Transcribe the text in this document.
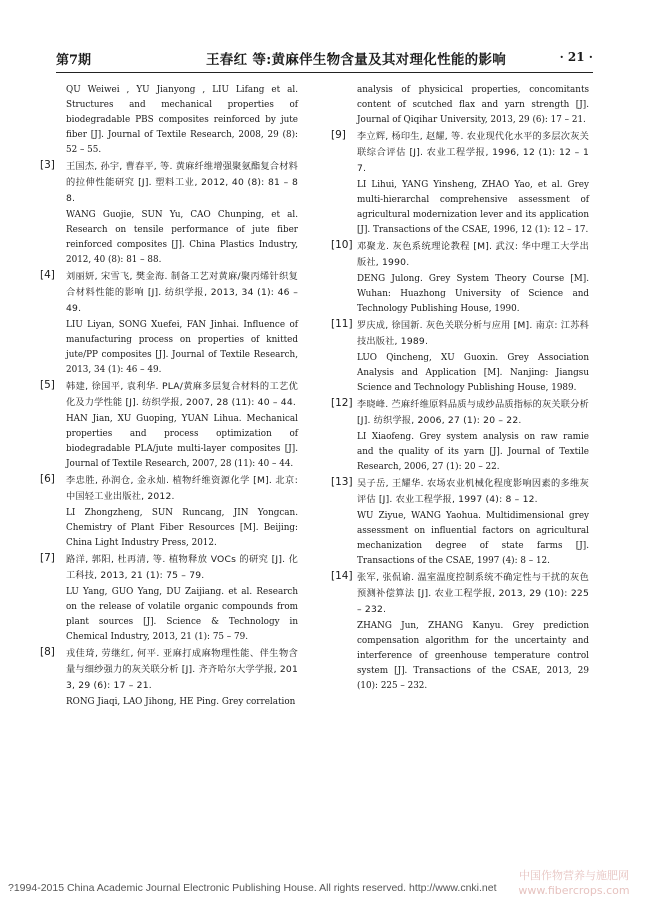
第7期	王春红 等:黄麻伴生物含量及其对理化性能的影响	· 21 ·

QU Weiwei , YU Jianyong , LIU Lifang et al. Structures and mechanical properties of biodegradable PBS composites reinforced by jute fiber [J]. Journal of Textile Research, 2008, 29 (8): 52 – 55.

[3] 王国杰, 孙宇, 曹春平, 等. 黄麻纤维增强聚氨酯复合材料的拉伸性能研究 [J]. 塑料工业, 2012, 40 (8): 81 – 88.

WANG Guojie, SUN Yu, CAO Chunping, et al. Research on tensile performance of jute fiber reinforced composites [J]. China Plastics Industry, 2012, 40 (8): 81 – 88.

[4] 刘丽妍, 宋雪飞, 樊金海. 制备工艺对黄麻/聚丙烯针织复合材料性能的影响 [J]. 纺织学报, 2013, 34 (1): 46 – 49.

LIU Liyan, SONG Xuefei, FAN Jinhai. Influence of manufacturing process on properties of knitted jute/PP composites [J]. Journal of Textile Research, 2013, 34 (1): 46 – 49.

[5] 韩建, 徐国平, 袁利华. PLA/黄麻多层复合材料的工艺优化及力学性能 [J]. 纺织学报, 2007, 28 (11): 40 – 44.

HAN Jian, XU Guoping, YUAN Lihua. Mechanical properties and process optimization of biodegradable PLA/jute multi-layer composites [J]. Journal of Textile Research, 2007, 28 (11): 40 – 44.

[6] 李忠胜, 孙润仓, 金永灿. 植物纤维资源化学 [M]. 北京: 中国轻工业出版社, 2012.

LI Zhongzheng, SUN Runcang, JIN Yongcan. Chemistry of Plant Fiber Resources [M]. Beijing: China Light Industry Press, 2012.

[7] 路洋, 郭阳, 杜再清, 等. 植物释放 VOCs 的研究 [J]. 化工科技, 2013, 21 (1): 75 – 79.

LU Yang, GUO Yang, DU Zaijiang. et al. Research on the release of volatile organic compounds from plant sources [J]. Science & Technology in Chemical Industry, 2013, 21 (1): 75 – 79.

[8] 戎佳琦, 劳继红, 何平. 亚麻打成麻物理性能、伴生物含量与细纱强力的灰关联分析 [J]. 齐齐哈尔大学学报, 2013, 29 (6): 17 – 21.

RONG Jiaqi, LAO Jihong, HE Ping. Grey correlation

analysis of physicical properties, concomitants content of scutched flax and yarn strength [J]. Journal of Qiqihar University, 2013, 29 (6): 17 – 21.

[9] 李立辉, 杨印生, 赵耀, 等. 农业现代化水平的多层次灰关联综合评估 [J]. 农业工程学报, 1996, 12 (1): 12 – 17.

LI Lihui, YANG Yinsheng, ZHAO Yao, et al. Grey multi-hierarchal comprehensive assessment of agricultural modernization lever and its application [J]. Transactions of the CSAE, 1996, 12 (1): 12 – 17.

[10] 邓聚龙. 灰色系统理论教程 [M]. 武汉: 华中理工大学出版社, 1990.

DENG Julong. Grey System Theory Course [M]. Wuhan: Huazhong University of Science and Technology Publishing House, 1990.

[11] 罗庆成, 徐国新. 灰色关联分析与应用 [M]. 南京: 江苏科技出版社, 1989.

LUO Qincheng, XU Guoxin. Grey Association Analysis and Application [M]. Nanjing: Jiangsu Science and Technology Publishing House, 1989.

[12] 李晓峰. 苎麻纤维原料品质与成纱品质指标的灰关联分析 [J]. 纺织学报, 2006, 27 (1): 20 – 22.

LI Xiaofeng. Grey system analysis on raw ramie and the quality of its yarn [J]. Journal of Textile Research, 2006, 27 (1): 20 – 22.

[13] 吴子岳, 王耀华. 农场农业机械化程度影响因素的多维灰评估 [J]. 农业工程学报, 1997 (4): 8 – 12.

WU Ziyue, WANG Yaohua. Multidimensional grey assessment on influential factors on agricultural mechanization degree of state farms [J]. Transactions of the CSAE, 1997 (4): 8 – 12.

[14] 张军, 张侃谕. 温室温度控制系统不确定性与干扰的灰色预测补偿算法 [J]. 农业工程学报, 2013, 29 (10): 225 – 232.

ZHANG Jun, ZHANG Kanyu. Grey prediction compensation algorithm for the uncertainty and interference of greenhouse temperature control system [J]. Transactions of the CSAE, 2013, 29 (10): 225 – 232.

?1994-2015 China Academic Journal Electronic Publishing House. All rights reserved. http://www.cnki.net
中国作物营养与施肥网
www.fibercrops.com
